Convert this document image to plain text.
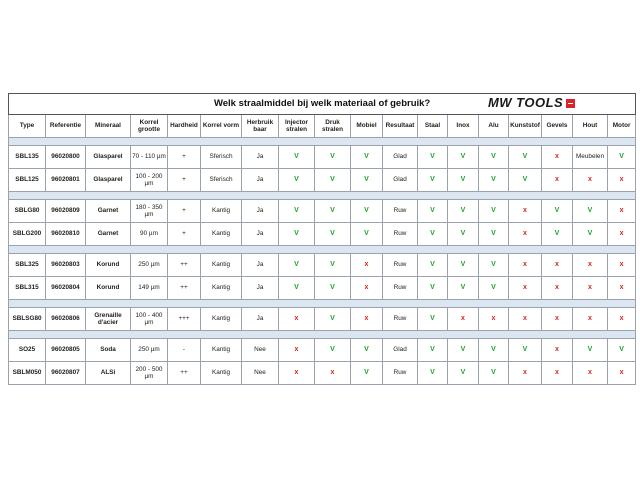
Welk straalmiddel bij welk materiaal of gebruik? MW TOOLS																	

Type	Referentie	Mineraal	Korrel grootte	Hardheid	Korrel vorm	Herbruik baar	Injector stralen	Druk stralen	Mobiel	Resultaat	Staal	Inox	Alu	Kunststof	Gevels	Hout	Motor

SBL135	96020800	Glasparel	70 - 110 µm	+	Sferisch	Ja	V	V	V	Glad	V	V	V	V	x	Meubelen	V
SBL125	96020801	Glasparel	100 - 200 µm	+	Sferisch	Ja	V	V	V	Glad	V	V	V	V	x	x	x

SBLG80	96020809	Garnet	180 - 350 µm	+	Kantig	Ja	V	V	V	Ruw	V	V	V	x	V	V	x
SBLG200	96020810	Garnet	90 µm	+	Kantig	Ja	V	V	V	Ruw	V	V	V	x	V	V	x

SBL325	96020803	Korund	250 µm	++	Kantig	Ja	V	V	x	Ruw	V	V	V	x	x	x	x
SBL315	96020804	Korund	149 µm	++	Kantig	Ja	V	V	x	Ruw	V	V	V	x	x	x	x

SBLSG80	96020806	Grenaille d'acier	100 - 400 µm	+++	Kantig	Ja	x	V	x	Ruw	V	x	x	x	x	x	x

SO25	96020805	Soda	250 µm	-	Kantig	Nee	x	V	V	Glad	V	V	V	V	x	V	V
SBLM050	96020807	ALSi	200 - 500 µm	++	Kantig	Nee	x	x	V	Ruw	V	V	V	x	x	x	x
